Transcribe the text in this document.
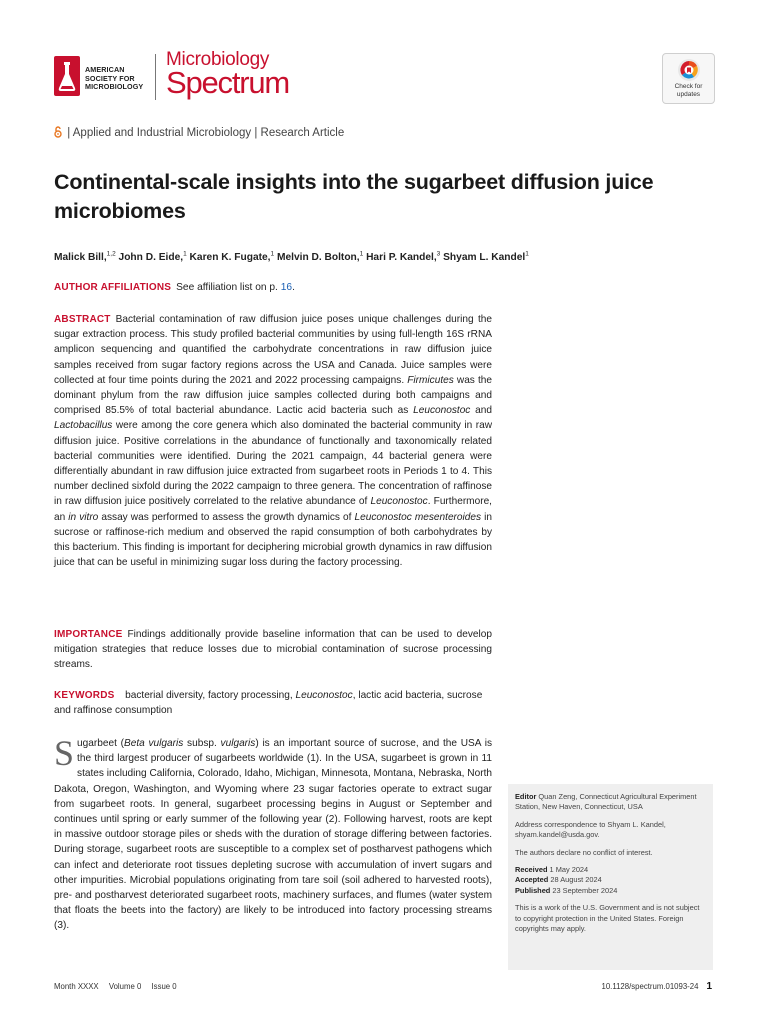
AMERICAN
SOCIETY FOR
MICROBIOLOGY
Microbiology
Spectrum	Check for
updates
| Applied and Industrial Microbiology | Research Article
Continental-scale insights into the sugarbeet diffusion juice microbiomes
Malick Bill,$^{1,2}$ John D. Eide,$^1$ Karen K. Fugate,$^1$ Melvin D. Bolton,$^1$ Hari P. Kandel,$^3$ Shyam L. Kandel$^1$
AUTHOR AFFILIATIONS See affiliation list on p. 16.

ABSTRACT Bacterial contamination of raw diffusion juice poses unique challenges during the sugar extraction process. This study profiled bacterial communities by using full-length 16S rRNA amplicon sequencing and quantified the carbohydrate concentrations in raw diffusion juice samples received from sugar factory regions across the USA and Canada. Juice samples were collected at four time points during the 2021 and 2022 processing campaigns. Firmicutes was the dominant phylum from the raw diffusion juice samples collected during both campaigns and comprised 85.5% of total bacterial abundance. Lactic acid bacteria such as Leuconostoc and Lactobacillus were among the core genera which also dominated the bacterial community in raw diffusion juice. Positive correlations in the abundance of functionally and taxonomically related bacterial communities were identified. During the 2021 campaign, 44 bacterial genera were differentially abundant in raw diffusion juice extracted from sugarbeet roots in Periods 1 to 4. This number declined sixfold during the 2022 campaign to three genera. The concentration of raffinose in raw diffusion juice positively correlated to the relative abundance of Leuconostoc. Furthermore, an in vitro assay was performed to assess the growth dynamics of Leuconostoc mesenteroides in sucrose or raffinose-rich medium and observed the rapid consumption of both carbohydrates by this bacterium. This finding is important for deciphering microbial growth dynamics in raw diffusion juice that can be useful in minimizing sugar loss during the factory processing.

IMPORTANCE Findings additionally provide baseline information that can be used to develop mitigation strategies that reduce losses due to microbial contamination of sucrose processing streams.

KEYWORDS bacterial diversity, factory processing, Leuconostoc, lactic acid bacteria, sucrose and raffinose consumption

Sugarbeet (Beta vulgaris subsp. vulgaris) is an important source of sucrose, and the USA is the third largest producer of sugarbeets worldwide (1). In the USA, sugarbeet is grown in 11 states including California, Colorado, Idaho, Michigan, Minnesota, Montana, Nebraska, North Dakota, Oregon, Washington, and Wyoming where 23 sugar factories operate to extract sugar from sugarbeet roots. In general, sugarbeet processing begins in August or September and continues until spring or early summer of the following year (2). Following harvest, roots are kept in massive outdoor storage piles or sheds with the duration of storage differing between factories. During storage, sugarbeet roots are susceptible to a complex set of postharvest pathogens which can infect and deteriorate root tissues depleting sucrose with accumulation of invert sugars and other impurities. Microbial populations originating from tare soil (soil adhered to harvested roots), pre- and postharvest deteriorated sugarbeet roots, machinery surfaces, and flumes (water system that floats the beets into the factory) are likely to be introduced into factory processing streams (3).

Editor Quan Zeng, Connecticut Agricultural Experiment Station, New Haven, Connecticut, USA

Address correspondence to Shyam L. Kandel, shyam.kandel@usda.gov.

The authors declare no conflict of interest.

Received 1 May 2024
Accepted 28 August 2024
Published 23 September 2024

This is a work of the U.S. Government and is not subject to copyright protection in the United States. Foreign copyrights may apply.

Month XXXX Volume 0 Issue 0	10.1128/spectrum.01093-24 1
